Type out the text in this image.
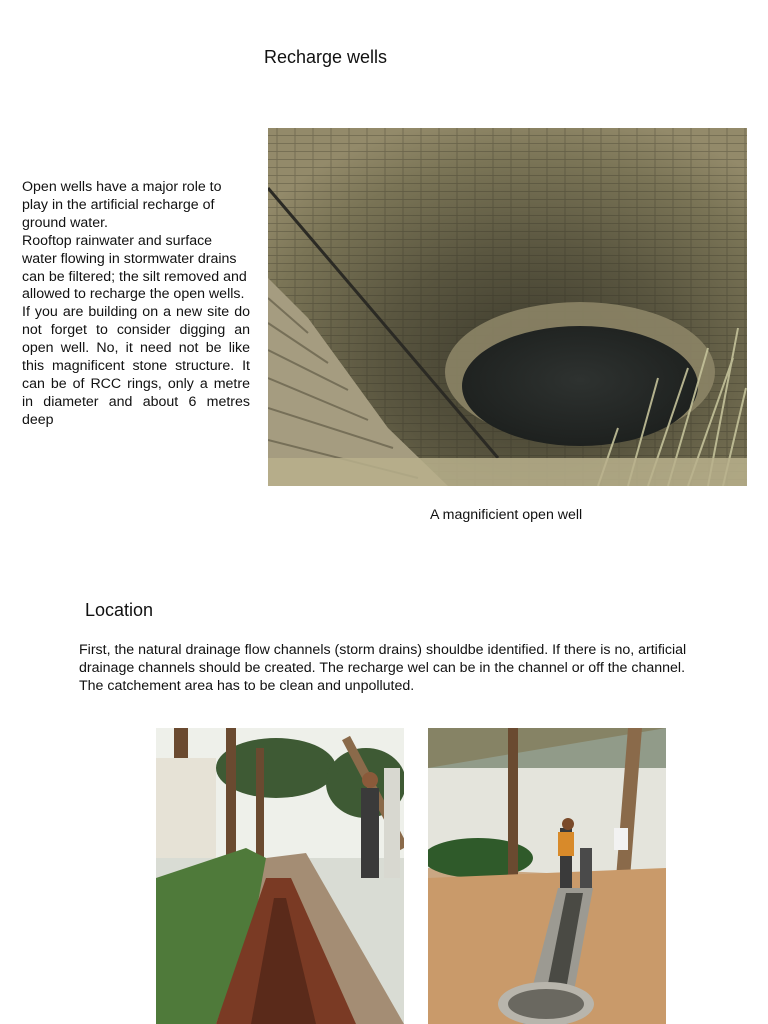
Recharge wells

Open wells have a major role to play in the artificial recharge of ground water.

Rooftop rainwater and surface water flowing in stormwater drains can be filtered; the silt removed and allowed to recharge the open wells.

If you are building on a new site do not forget to consider digging an open well. No, it need not be like this magnificent stone structure. It can be of RCC rings, only a metre in diameter and about 6 metres deep

A magnificient open well
Location

First, the natural drainage flow channels (storm drains) shouldbe identified. If there is no, artificial drainage channels should be created. The recharge wel can be in the channel or off the channel.

The catchement area has to be clean and unpolluted.
